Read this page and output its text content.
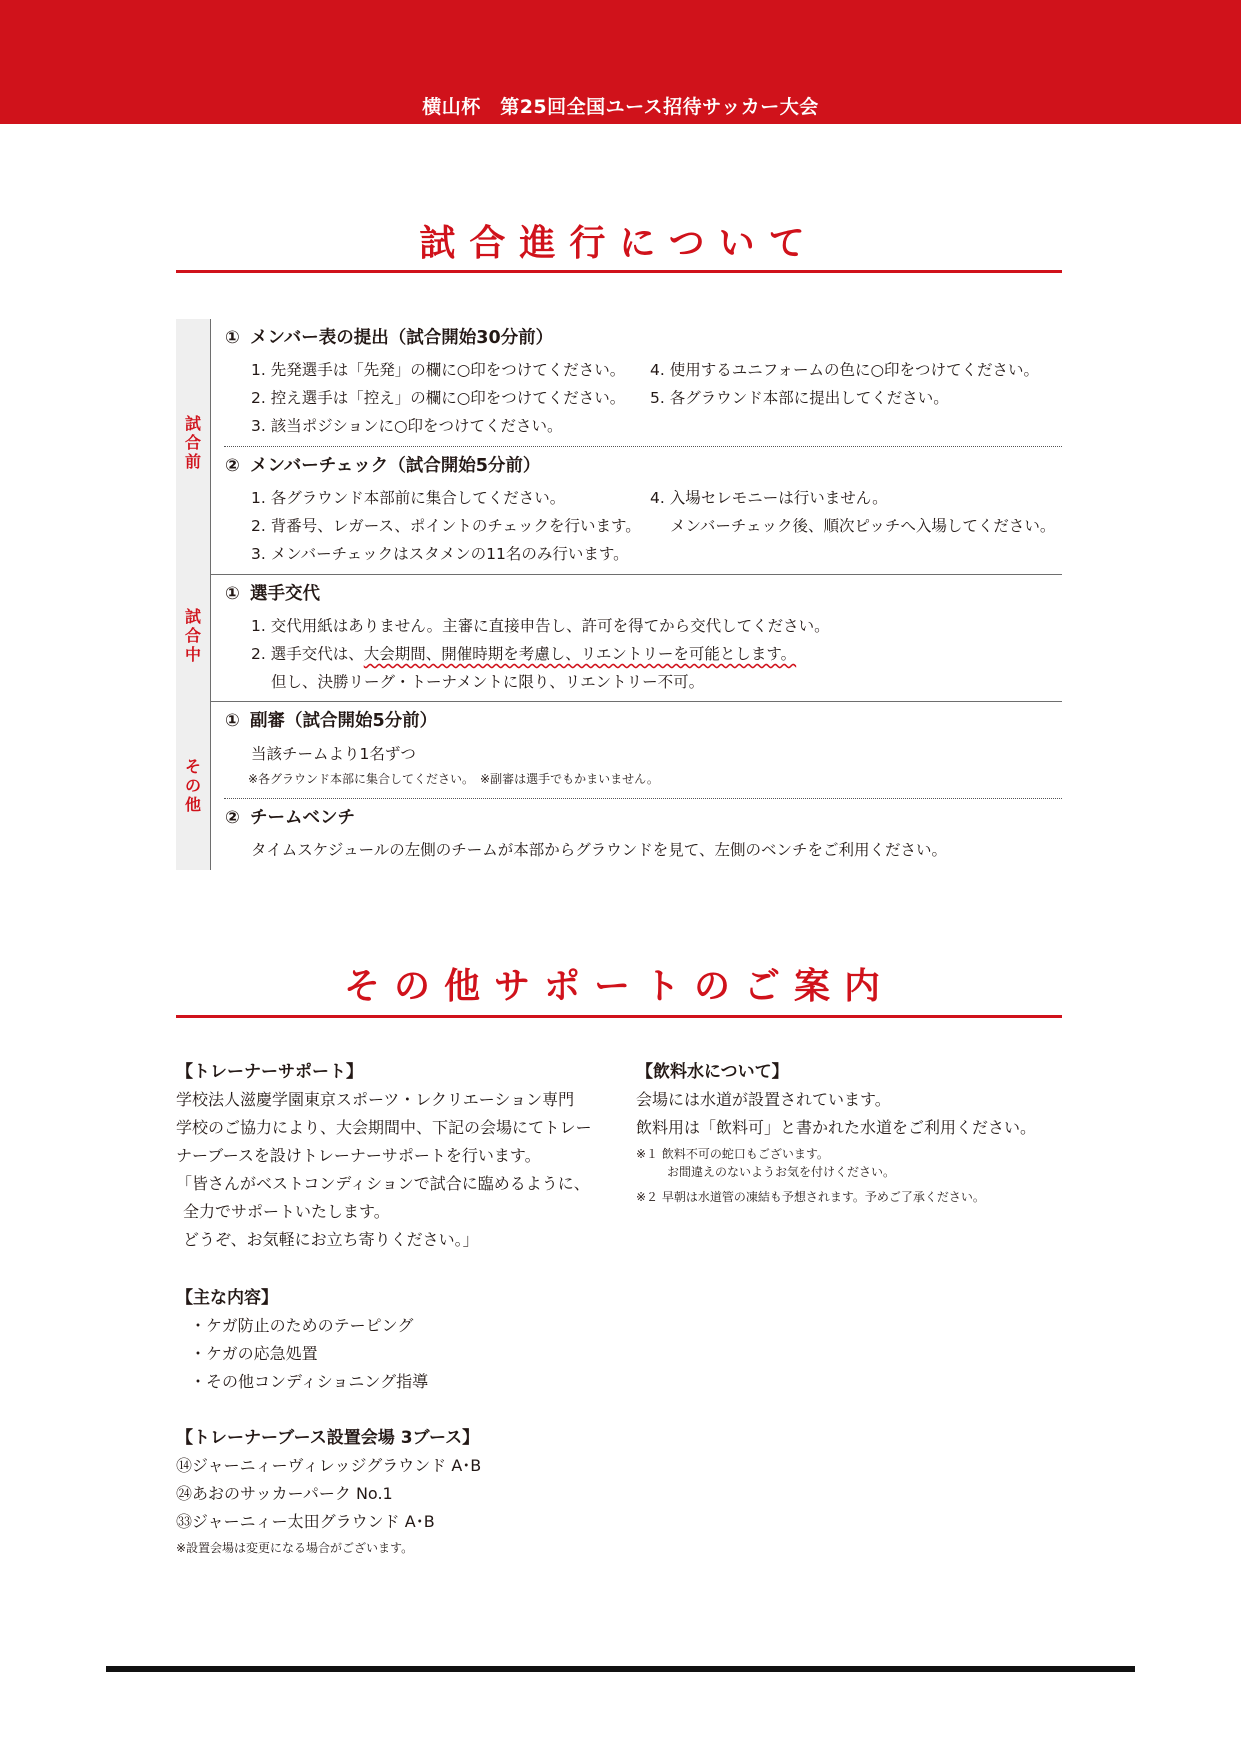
横山杯　第25回全国ユース招待サッカー大会
試合進行について
試
合
前
試
合
中
そ
の
他
① メンバー表の提出（試合開始30分前）
1. 先発選手は「先発」の欄に○印をつけてください。
2. 控え選手は「控え」の欄に○印をつけてください。
3. 該当ポジションに○印をつけてください。
4. 使用するユニフォームの色に○印をつけてください。
5. 各グラウンド本部に提出してください。
② メンバーチェック（試合開始5分前）
1. 各グラウンド本部前に集合してください。
2. 背番号、レガース、ポイントのチェックを行います。
3. メンバーチェックはスタメンの11名のみ行います。
4. 入場セレモニーは行いません。
メンバーチェック後、順次ピッチへ入場してください。
① 選手交代
1. 交代用紙はありません。主審に直接申告し、許可を得てから交代してください。
2. 選手交代は、大会期間、開催時期を考慮し、リエントリーを可能とします。
但し、決勝リーグ・トーナメントに限り、リエントリー不可。
① 副審（試合開始5分前）
当該チームより1名ずつ
※各グラウンド本部に集合してください。　※副審は選手でもかまいません。
② チームベンチ
タイムスケジュールの左側のチームが本部からグラウンドを見て、左側のベンチをご利用ください。
その他サポートのご案内
【トレーナーサポート】
学校法人滋慶学園東京スポーツ・レクリエーション専門
学校のご協力により、大会期間中、下記の会場にてトレー
ナーブースを設けトレーナーサポートを行います。
「皆さんがベストコンディションで試合に臨めるように、
全力でサポートいたします。
どうぞ、お気軽にお立ち寄りください。」
【主な内容】
・ケガ防止のためのテーピング
・ケガの応急処置
・その他コンディショニング指導
【トレーナーブース設置会場 3ブース】
⑭ジャーニィーヴィレッジグラウンド A･B
㉔あおのサッカーパーク No.1
㉝ジャーニィー太田グラウンド A･B
※設置会場は変更になる場合がございます。
【飲料水について】
会場には水道が設置されています。
飲料用は「飲料可」と書かれた水道をご利用ください。
※１ 飲料不可の蛇口もございます。
お間違えのないようお気を付けください。
※２ 早朝は水道管の凍結も予想されます。予めご了承ください。
